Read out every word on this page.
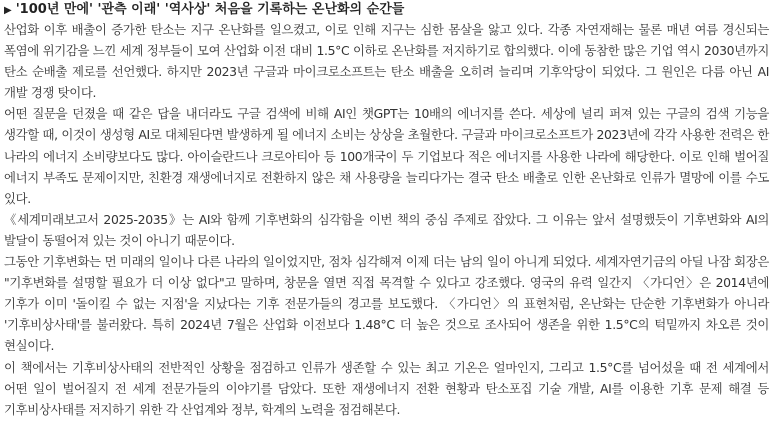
▶ '100년 만에' '관측 이래' '역사상' 처음을 기록하는 온난화의 순간들

산업화 이후 배출이 증가한 탄소는 지구 온난화를 일으켰고, 이로 인해 지구는 심한 몸살을 앓고 있다. 각종 자연재해는 물론 매년 여름 경신되는 폭염에 위기감을 느낀 세계 정부들이 모여 산업화 이전 대비 1.5°C 이하로 온난화를 저지하기로 합의했다. 이에 동참한 많은 기업 역시 2030년까지 탄소 순배출 제로를 선언했다. 하지만 2023년 구글과 마이크로소프트는 탄소 배출을 오히려 늘리며 기후악당이 되었다. 그 원인은 다름 아닌 AI 개발 경쟁 탓이다.

어떤 질문을 던졌을 때 같은 답을 내더라도 구글 검색에 비해 AI인 챗GPT는 10배의 에너지를 쓴다. 세상에 널리 퍼져 있는 구글의 검색 기능을 생각할 때, 이것이 생성형 AI로 대체된다면 발생하게 될 에너지 소비는 상상을 초월한다. 구글과 마이크로소프트가 2023년에 각각 사용한 전력은 한 나라의 에너지 소비량보다도 많다. 아이슬란드나 크로아티아 등 100개국이 두 기업보다 적은 에너지를 사용한 나라에 해당한다. 이로 인해 벌어질 에너지 부족도 문제이지만, 친환경 재생에너지로 전환하지 않은 채 사용량을 늘리다가는 결국 탄소 배출로 인한 온난화로 인류가 멸망에 이를 수도 있다.

《세계미래보고서 2025-2035》는 AI와 함께 기후변화의 심각함을 이번 책의 중심 주제로 잡았다. 그 이유는 앞서 설명했듯이 기후변화와 AI의 발달이 동떨어져 있는 것이 아니기 때문이다.

그동안 기후변화는 먼 미래의 일이나 다른 나라의 일이었지만, 점차 심각해져 이제 더는 남의 일이 아니게 되었다. 세계자연기금의 아딜 나잠 회장은 "기후변화를 설명할 필요가 더 이상 없다"고 말하며, 창문을 열면 직접 목격할 수 있다고 강조했다. 영국의 유력 일간지 〈가디언〉은 2014년에 기후가 이미 '돌이킬 수 없는 지점'을 지났다는 기후 전문가들의 경고를 보도했다. 〈가디언〉의 표현처럼, 온난화는 단순한 기후변화가 아니라 '기후비상사태'를 불러왔다. 특히 2024년 7월은 산업화 이전보다 1.48°C 더 높은 것으로 조사되어 생존을 위한 1.5°C의 턱밑까지 차오른 것이 현실이다.

이 책에서는 기후비상사태의 전반적인 상황을 점검하고 인류가 생존할 수 있는 최고 기온은 얼마인지, 그리고 1.5°C를 넘어섰을 때 전 세계에서 어떤 일이 벌어질지 전 세계 전문가들의 이야기를 담았다. 또한 재생에너지 전환 현황과 탄소포집 기술 개발, AI를 이용한 기후 문제 해결 등 기후비상사태를 저지하기 위한 각 산업계와 정부, 학계의 노력을 점검해본다.
